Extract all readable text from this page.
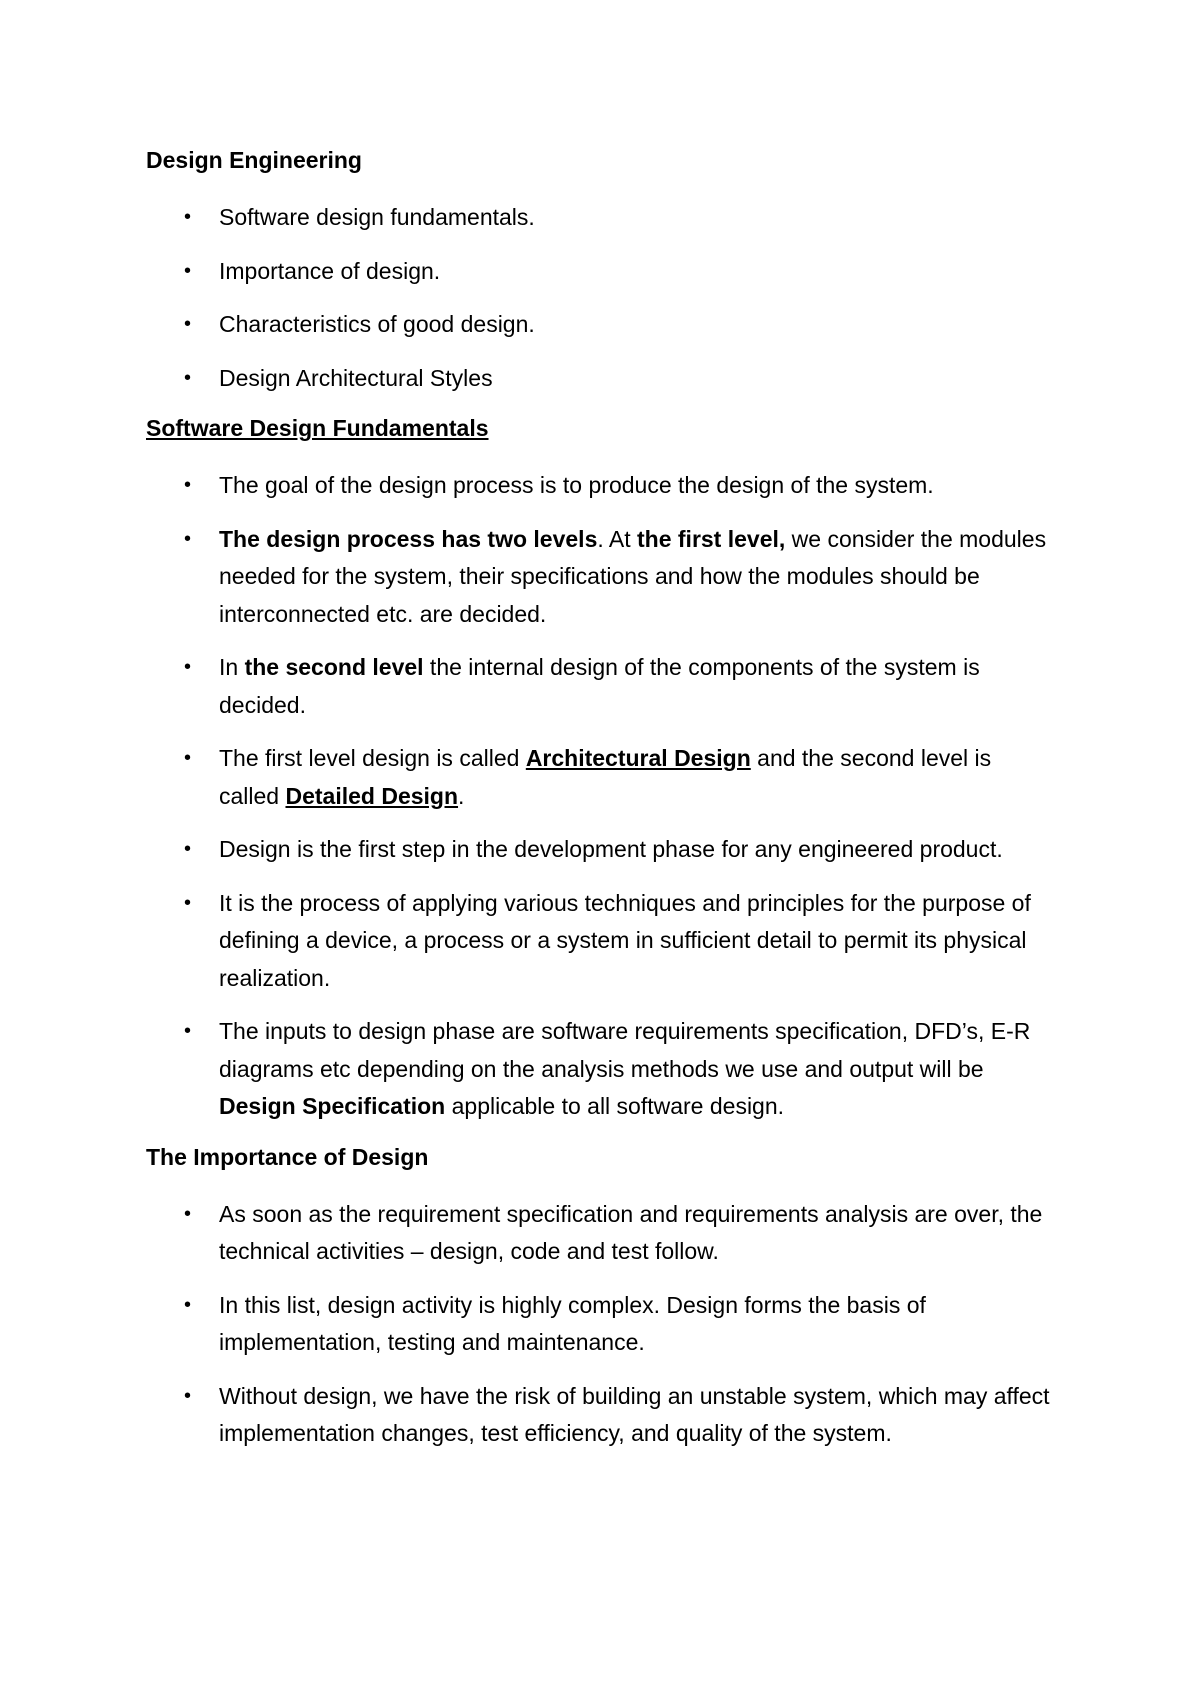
Design Engineering
• Software design fundamentals.
• Importance of design.
• Characteristics of good design.
• Design Architectural Styles
Software Design Fundamentals
• The goal of the design process is to produce the design of the system.
• The design process has two levels. At the first level, we consider the modules needed for the system, their specifications and how the modules should be interconnected etc. are decided.
• In the second level the internal design of the components of the system is decided.
• The first level design is called Architectural Design and the second level is called Detailed Design.
• Design is the first step in the development phase for any engineered product.
• It is the process of applying various techniques and principles for the purpose of defining a device, a process or a system in sufficient detail to permit its physical realization.
• The inputs to design phase are software requirements specification, DFD’s, E-R diagrams etc depending on the analysis methods we use and output will be Design Specification applicable to all software design.
The Importance of Design
• As soon as the requirement specification and requirements analysis are over, the technical activities – design, code and test follow.
• In this list, design activity is highly complex. Design forms the basis of implementation, testing and maintenance.
• Without design, we have the risk of building an unstable system, which may affect implementation changes, test efficiency, and quality of the system.
